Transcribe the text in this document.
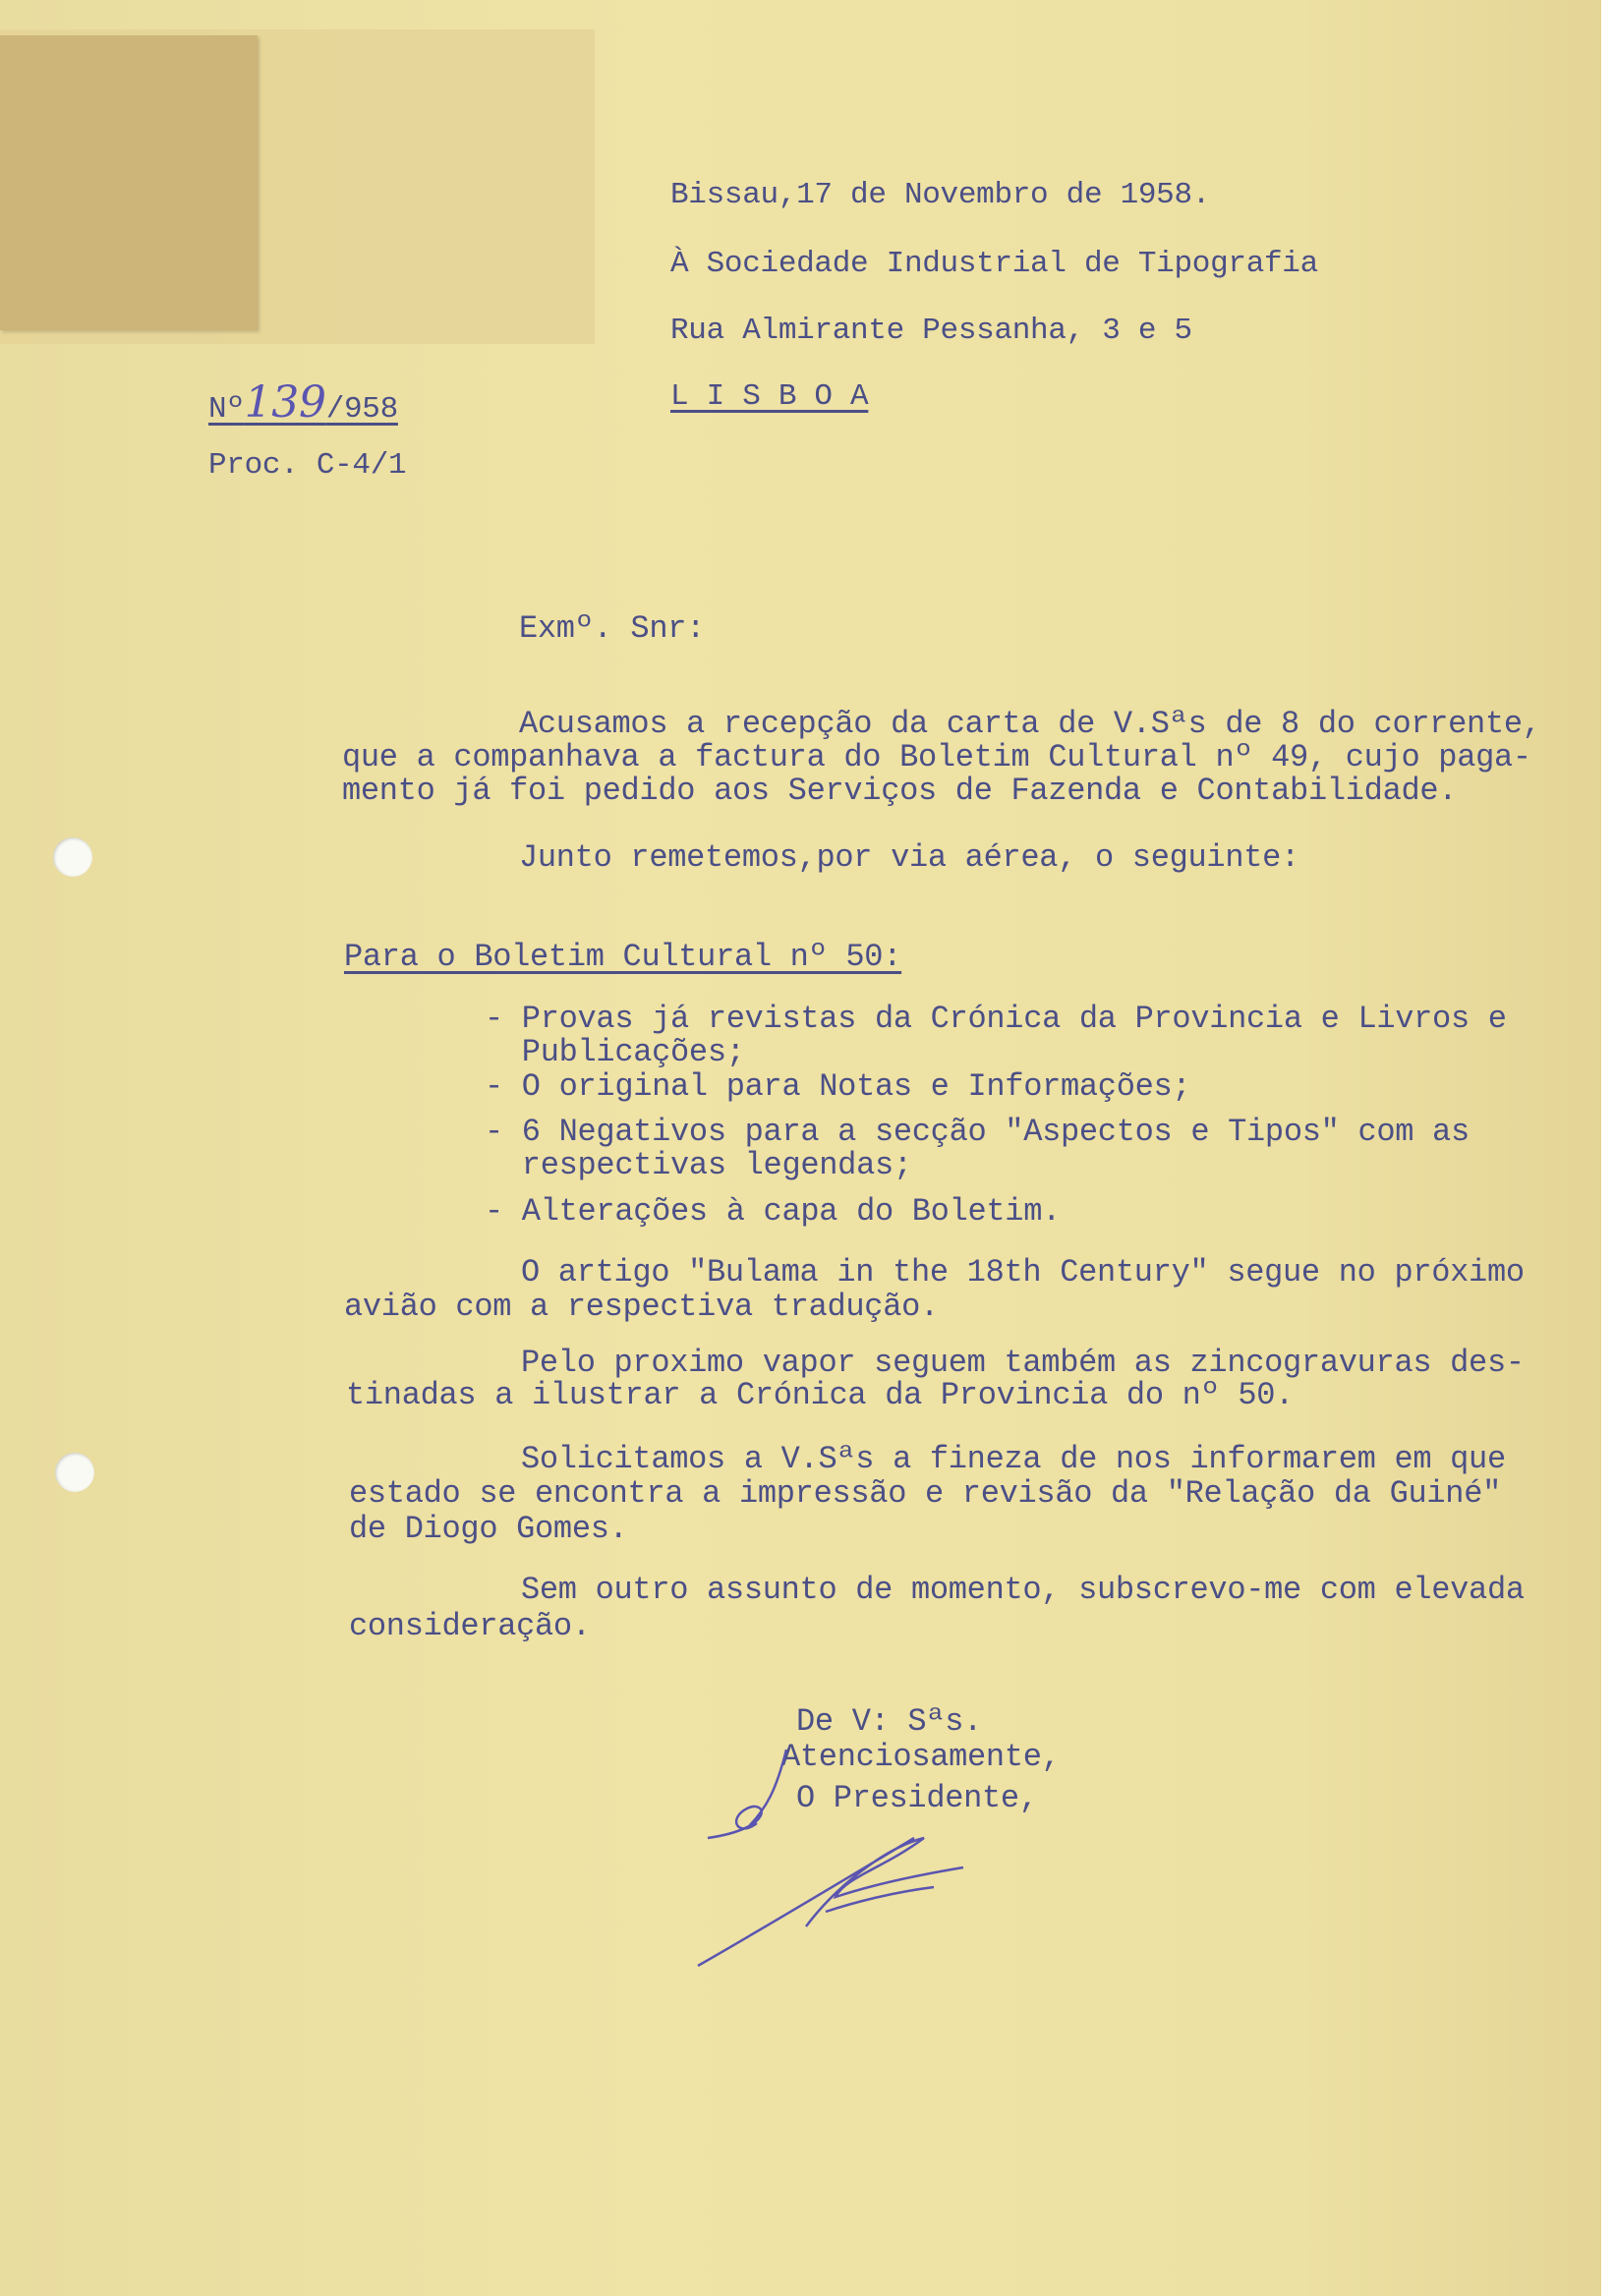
Bissau,17 de Novembro de 1958.
À Sociedade Industrial de Tipografia
Rua Almirante Pessanha, 3 e 5
L I S B O A
Nº139/958
Proc. C-4/1
Exmº. Snr:
Acusamos a recepção da carta de V.Sªs de 8 do corrente,
que a companhava a factura do Boletim Cultural nº 49, cujo paga-
mento já foi pedido aos Serviços de Fazenda e Contabilidade.
Junto remetemos,por via aérea, o seguinte:
Para o Boletim Cultural nº 50:
- Provas já revistas da Crónica da Provincia e Livros e
Publicações;
- O original para Notas e Informações;
- 6 Negativos para a secção "Aspectos e Tipos" com as
respectivas legendas;
- Alterações à capa do Boletim.
O artigo "Bulama in the 18th Century" segue no próximo
avião com a respectiva tradução.
Pelo proximo vapor seguem também as zincogravuras des-
tinadas a ilustrar a Crónica da Provincia do nº 50.
Solicitamos a V.Sªs a fineza de nos informarem em que
estado se encontra a impressão e revisão da "Relação da Guiné"
de Diogo Gomes.
Sem outro assunto de momento, subscrevo-me com elevada
consideração.
De V: Sªs.
Atenciosamente,
O Presidente,
